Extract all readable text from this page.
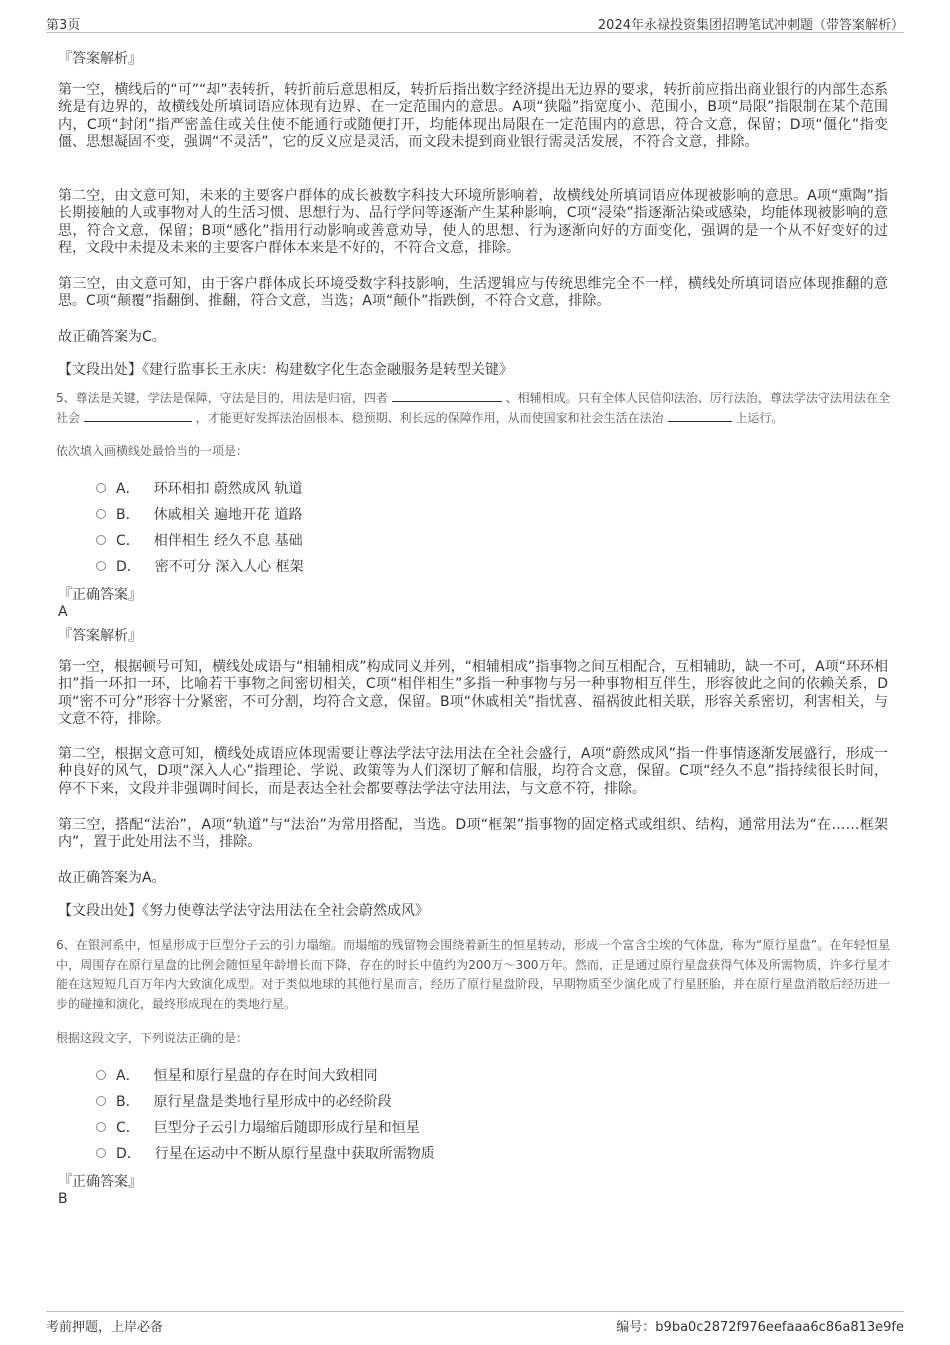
第3页	2024年永禄投资集团招聘笔试冲刺题（带答案解析）
『答案解析』
第一空，横线后的“可”“却”表转折，转折前后意思相反，转折后指出数字经济提出无边界的要求，转折前应指出商业银行的内部生态系统是有边界的，故横线处所填词语应体现有边界、在一定范围内的意思。A项“狭隘”指宽度小、范围小，B项“局限”指限制在某个范围内，C项“封闭”指严密盖住或关住使不能通行或随便打开，均能体现出局限在一定范围内的意思，符合文意，保留；D项“僵化”指变僵、思想凝固不变，强调“不灵活”，它的反义应是灵活，而文段未提到商业银行需灵活发展，不符合文意，排除。
第二空，由文意可知，未来的主要客户群体的成长被数字科技大环境所影响着，故横线处所填词语应体现被影响的意思。A项“熏陶”指长期接触的人或事物对人的生活习惯、思想行为、品行学问等逐渐产生某种影响，C项“浸染”指逐渐沾染或感染，均能体现被影响的意思，符合文意，保留；B项“感化”指用行动影响或善意劝导，使人的思想、行为逐渐向好的方面变化，强调的是一个从不好变好的过程，文段中未提及未来的主要客户群体本来是不好的，不符合文意，排除。
第三空，由文意可知，由于客户群体成长环境受数字科技影响，生活逻辑应与传统思维完全不一样，横线处所填词语应体现推翻的意思。C项“颠覆”指翻倒、推翻，符合文意，当选；A项“颠仆”指跌倒，不符合文意，排除。
故正确答案为C。
【文段出处】《建行监事长王永庆：构建数字化生态金融服务是转型关键》
5、尊法是关键，学法是保障，守法是目的，用法是归宿，四者	、相辅相成。只有全体人民信仰法治、厉行法治，尊法学法守法用法在全社会	，才能更好发挥法治固根本、稳预期、利长远的保障作用，从而使国家和社会生活在法治	上运行。
依次填入画横线处最恰当的一项是：
A． 环环相扣 蔚然成风 轨道
B． 休戚相关 遍地开花 道路
C． 相伴相生 经久不息 基础
D． 密不可分 深入人心 框架
『正确答案』
A
『答案解析』
第一空，根据顿号可知，横线处成语与“相辅相成”构成同义并列，“相辅相成”指事物之间互相配合，互相辅助，缺一不可，A项“环环相扣”指一环扣一环，比喻若干事物之间密切相关，C项“相伴相生”多指一种事物与另一种事物相互伴生，形容彼此之间的依赖关系，D项“密不可分”形容十分紧密，不可分割，均符合文意，保留。B项“休戚相关”指忧喜、福祸彼此相关联，形容关系密切，利害相关，与文意不符，排除。
第二空，根据文意可知，横线处成语应体现需要让尊法学法守法用法在全社会盛行，A项“蔚然成风”指一件事情逐渐发展盛行，形成一种良好的风气，D项“深入人心”指理论、学说、政策等为人们深切了解和信服，均符合文意，保留。C项“经久不息”指持续很长时间，停不下来，文段并非强调时间长，而是表达全社会都要尊法学法守法用法，与文意不符，排除。
第三空，搭配“法治”，A项“轨道”与“法治”为常用搭配，当选。D项“框架”指事物的固定格式或组织、结构，通常用法为“在……框架内”，置于此处用法不当，排除。
故正确答案为A。
【文段出处】《努力使尊法学法守法用法在全社会蔚然成风》
6、在银河系中，恒星形成于巨型分子云的引力塌缩。而塌缩的残留物会围绕着新生的恒星转动，形成一个富含尘埃的气体盘，称为“原行星盘”。在年轻恒星中，周围存在原行星盘的比例会随恒星年龄增长而下降，存在的时长中值约为200万～300万年。然而，正是通过原行星盘获得气体及所需物质，许多行星才能在这短短几百万年内大致演化成型。对于类似地球的其他行星而言，经历了原行星盘阶段，早期物质至少演化成了行星胚胎，并在原行星盘消散后经历进一步的碰撞和演化，最终形成现在的类地行星。
根据这段文字，下列说法正确的是：
A． 恒星和原行星盘的存在时间大致相同
B． 原行星盘是类地行星形成中的必经阶段
C． 巨型分子云引力塌缩后随即形成行星和恒星
D． 行星在运动中不断从原行星盘中获取所需物质
『正确答案』
B
考前押题，上岸必备	编号：b9ba0c2872f976eefaaa6c86a813e9fe
